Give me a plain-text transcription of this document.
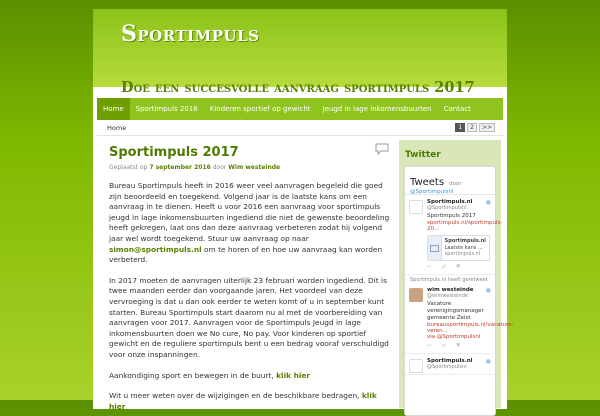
Sportimpuls
Doe een succesvolle aanvraag sportimpuls 2017
Home	Sportimpuls 2016	Kinderen sportief op gewicht	Jeugd in lage inkomensbuurten	Contact
Home	1	2	>>
Sportimpuls 2017
Geplaatst op 7 september 2016 door Wim westeinde

Bureau Sportimpuls heeft in 2016 weer veel aanvragen begeleid die goed zijn beoordeeld en toegekend. Volgend jaar is de laatste kans om een aanvraag in te dienen. Heeft u voor 2016 een aanvraag voor sportimpuls jeugd in lage inkomensbuurten ingediend die niet de gewenste beoordeling heeft gekregen, laat ons dan deze aanvraag verbeteren zodat hij volgend jaar wel wordt toegekend. Stuur uw aanvraag op naar simon@sportimpuls.nl om te horen of en hoe uw aanvraag kan worden verbeterd.

In 2017 moeten de aanvragen uiterlijk 23 februari worden ingediend. Dit is twee maanden eerder dan voorgaande jaren. Het voordeel van deze vervroeging is dat u dan ook eerder te weten komt of u in september kunt starten. Bureau Sportimpuls start daarom nu al met de voorbereiding van aanvragen voor 2017. Aanvragen voor de Sportimpuls Jeugd in lage inkomensbuurten doen we No cure, No pay. Voor kinderen op sportief gewicht en de reguliere sportimpuls bent u een bedrag vooraf verschuldigd voor onze inspanningen.

Aankondiging sport en bewegen in de buurt, klik hier

Wit u meer weten over de wijzigingen en de beschikbare bedragen, klik hier

Twitter
Tweets door
@Sportimpulsnl
●
Sportimpuls.nl
@Sportimpulsnl
Sportimpuls 2017
sportimpuls.nl/sportimpuls-20...
Sportimpuls.nl
Laatste kans ...
sportimpuls.nl
↩ ⇄ ♥
Sportimpuls.nl heeft geretweet
●
wim westeinde
@wimwesteinde
Vacature verenigingsmanager gemeente Zeist
bureausportimpuls.nl/vacature-veren...
via @Sportimpulsnl
↩ ⇄ ♥
●
Sportimpuls.nl
@Sportimpulsnl
